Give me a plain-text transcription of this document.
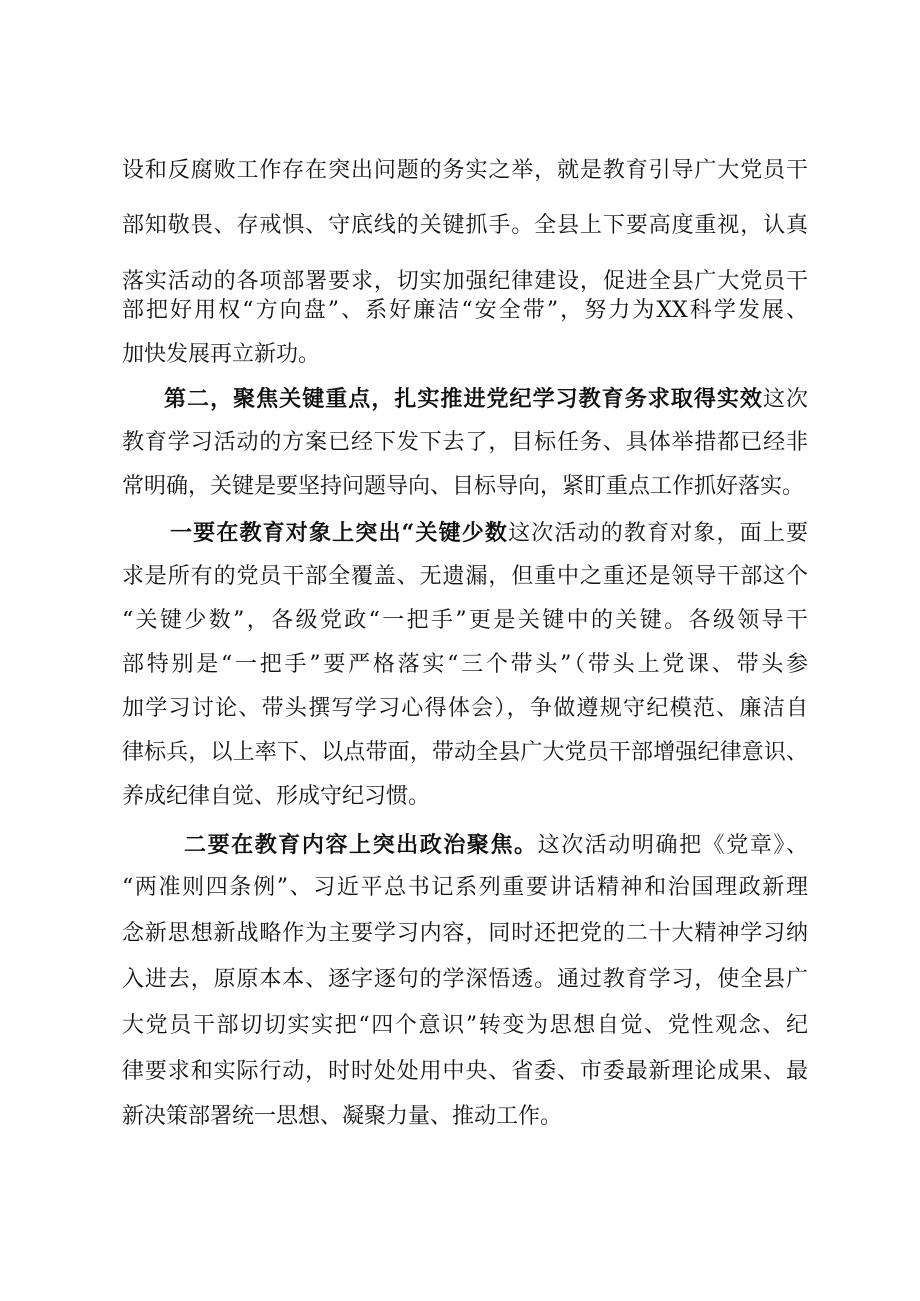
设和反腐败工作存在突出问题的务实之举，就是教育引导广大党员干
部知敬畏、存戒惧、守底线的关键抓手。全县上下要高度重视，认真
落实活动的各项部署要求，切实加强纪律建设，促进全县广大党员干
部把好用权“方向盘”、系好廉洁“安全带”，努力为XX科学发展、
加快发展再立新功。
第二，聚焦关键重点，扎实推进党纪学习教育务求取得实效这次
教育学习活动的方案已经下发下去了，目标任务、具体举措都已经非
常明确，关键是要坚持问题导向、目标导向，紧盯重点工作抓好落实。
一要在教育对象上突出“关键少数这次活动的教育对象，面上要
求是所有的党员干部全覆盖、无遗漏，但重中之重还是领导干部这个
“关键少数”，各级党政“一把手”更是关键中的关键。各级领导干
部特别是“一把手”要严格落实“三个带头”（带头上党课、带头参
加学习讨论、带头撰写学习心得体会），争做遵规守纪模范、廉洁自
律标兵，以上率下、以点带面，带动全县广大党员干部增强纪律意识、
养成纪律自觉、形成守纪习惯。
二要在教育内容上突出政治聚焦。这次活动明确把《党章》、
“两准则四条例”、习近平总书记系列重要讲话精神和治国理政新理
念新思想新战略作为主要学习内容，同时还把党的二十大精神学习纳
入进去，原原本本、逐字逐句的学深悟透。通过教育学习，使全县广
大党员干部切切实实把“四个意识”转变为思想自觉、党性观念、纪
律要求和实际行动，时时处处用中央、省委、市委最新理论成果、最
新决策部署统一思想、凝聚力量、推动工作。
